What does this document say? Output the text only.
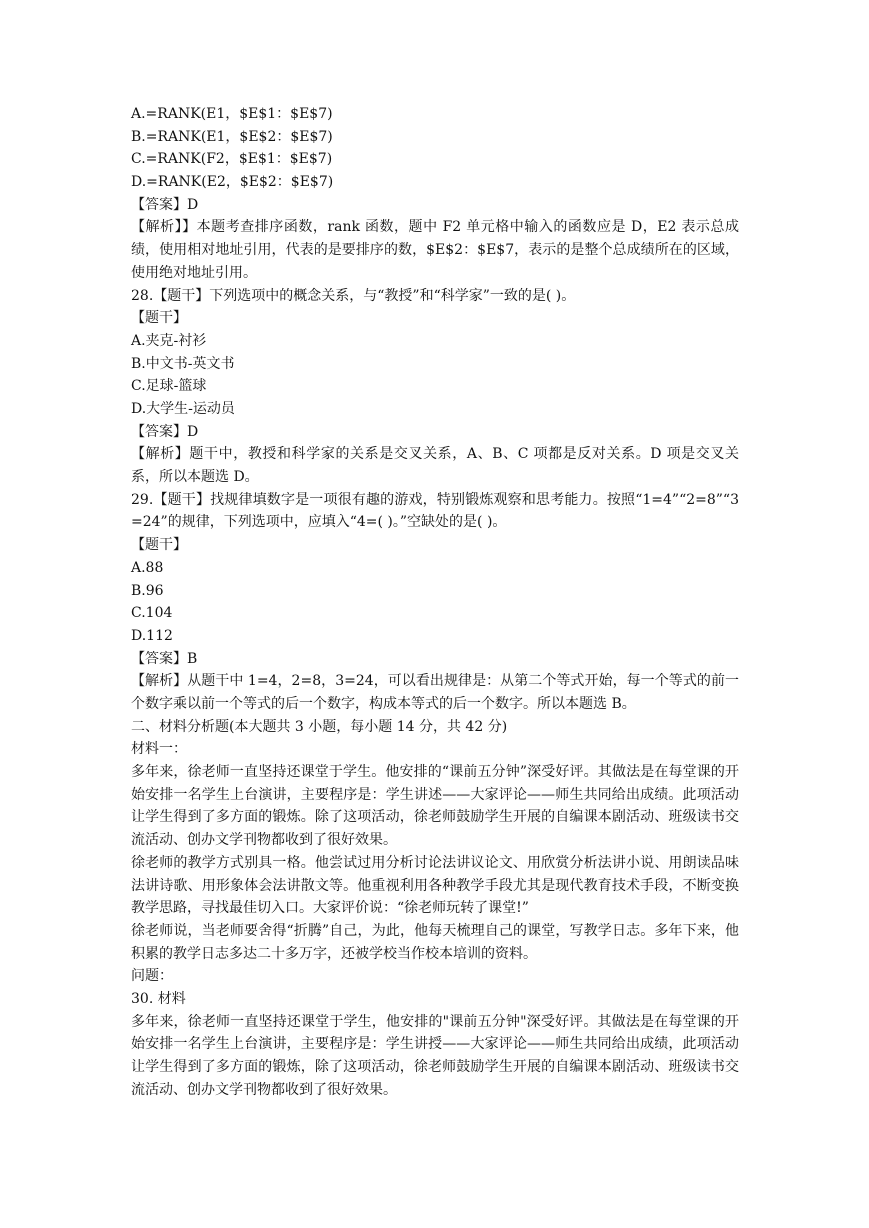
A.=RANK(E1，$E$1：$E$7)
B.=RANK(E1，$E$2：$E$7)
C.=RANK(F2，$E$1：$E$7)
D.=RANK(E2，$E$2：$E$7)
【答案】D
【解析】】本题考查排序函数，rank 函数，题中 F2 单元格中输入的函数应是 D，E2 表示总成绩，使用相对地址引用，代表的是要排序的数，$E$2：$E$7，表示的是整个总成绩所在的区域，使用绝对地址引用。
28.【题干】下列选项中的概念关系，与“教授”和“科学家”一致的是( )。
【题干】
A.夹克-衬衫
B.中文书-英文书
C.足球-篮球
D.大学生-运动员
【答案】D
【解析】题干中，教授和科学家的关系是交叉关系，A、B、C 项都是反对关系。D 项是交叉关系，所以本题选 D。
29.【题干】找规律填数字是一项很有趣的游戏，特别锻炼观察和思考能力。按照“1=4”“2=8”“3=24”的规律，下列选项中，应填入“4=( )。”空缺处的是( )。
【题干】
A.88
B.96
C.104
D.112
【答案】B
【解析】从题干中 1=4，2=8，3=24，可以看出规律是：从第二个等式开始，每一个等式的前一个数字乘以前一个等式的后一个数字，构成本等式的后一个数字。所以本题选 B。
二、材料分析题(本大题共 3 小题，每小题 14 分，共 42 分)
材料一：
多年来，徐老师一直坚持还课堂于学生。他安排的“课前五分钟”深受好评。其做法是在每堂课的开始安排一名学生上台演讲，主要程序是：学生讲述——大家评论——师生共同给出成绩。此项活动让学生得到了多方面的锻炼。除了这项活动，徐老师鼓励学生开展的自编课本剧活动、班级读书交流活动、创办文学刊物都收到了很好效果。
徐老师的教学方式别具一格。他尝试过用分析讨论法讲议论文、用欣赏分析法讲小说、用朗读品味法讲诗歌、用形象体会法讲散文等。他重视利用各种教学手段尤其是现代教育技术手段，不断变换教学思路，寻找最佳切入口。大家评价说：“徐老师玩转了课堂!”
徐老师说，当老师要舍得“折腾”自己，为此，他每天梳理自己的课堂，写教学日志。多年下来，他积累的教学日志多达二十多万字，还被学校当作校本培训的资料。
问题：
30. 材料
多年来，徐老师一直坚持还课堂于学生，他安排的"课前五分钟"深受好评。其做法是在每堂课的开始安排一名学生上台演讲，主要程序是：学生讲授——大家评论——师生共同给出成绩，此项活动让学生得到了多方面的锻炼，除了这项活动，徐老师鼓励学生开展的自编课本剧活动、班级读书交流活动、创办文学刊物都收到了很好效果。
